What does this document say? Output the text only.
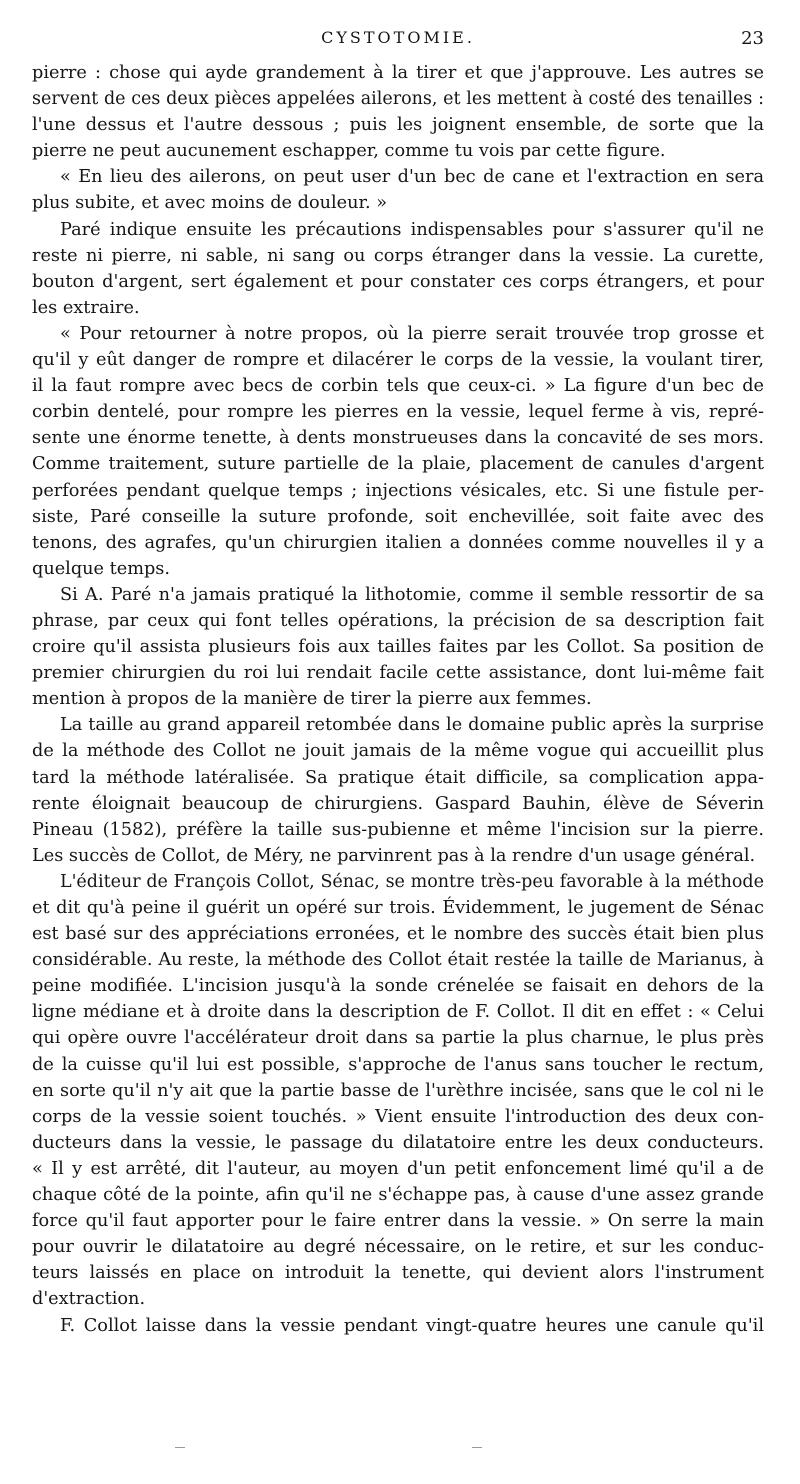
CYSTOTOMIE.	23
pierre : chose qui ayde grandement à la tirer et que j'approuve. Les autres se
servent de ces deux pièces appelées ailerons, et les mettent à costé des tenailles :
l'une dessus et l'autre dessous ; puis les joignent ensemble, de sorte que la
pierre ne peut aucunement eschapper, comme tu vois par cette figure.
« En lieu des ailerons, on peut user d'un bec de cane et l'extraction en sera
plus subite, et avec moins de douleur. »
Paré indique ensuite les précautions indispensables pour s'assurer qu'il ne
reste ni pierre, ni sable, ni sang ou corps étranger dans la vessie. La curette,
bouton d'argent, sert également et pour constater ces corps étrangers, et pour
les extraire.
« Pour retourner à notre propos, où la pierre serait trouvée trop grosse et
qu'il y eût danger de rompre et dilacérer le corps de la vessie, la voulant tirer,
il la faut rompre avec becs de corbin tels que ceux-ci. » La figure d'un bec de
corbin dentelé, pour rompre les pierres en la vessie, lequel ferme à vis, repré-
sente une énorme tenette, à dents monstrueuses dans la concavité de ses mors.
Comme traitement, suture partielle de la plaie, placement de canules d'argent
perforées pendant quelque temps ; injections vésicales, etc. Si une fistule per-
siste, Paré conseille la suture profonde, soit enchevillée, soit faite avec des
tenons, des agrafes, qu'un chirurgien italien a données comme nouvelles il y a
quelque temps.
Si A. Paré n'a jamais pratiqué la lithotomie, comme il semble ressortir de sa
phrase, par ceux qui font telles opérations, la précision de sa description fait
croire qu'il assista plusieurs fois aux tailles faites par les Collot. Sa position de
premier chirurgien du roi lui rendait facile cette assistance, dont lui-même fait
mention à propos de la manière de tirer la pierre aux femmes.
La taille au grand appareil retombée dans le domaine public après la surprise
de la méthode des Collot ne jouit jamais de la même vogue qui accueillit plus
tard la méthode latéralisée. Sa pratique était difficile, sa complication appa-
rente éloignait beaucoup de chirurgiens. Gaspard Bauhin, élève de Séverin
Pineau (1582), préfère la taille sus-pubienne et même l'incision sur la pierre.
Les succès de Collot, de Méry, ne parvinrent pas à la rendre d'un usage général.
L'éditeur de François Collot, Sénac, se montre très-peu favorable à la méthode
et dit qu'à peine il guérit un opéré sur trois. Évidemment, le jugement de Sénac
est basé sur des appréciations erronées, et le nombre des succès était bien plus
considérable. Au reste, la méthode des Collot était restée la taille de Marianus, à
peine modifiée. L'incision jusqu'à la sonde crénelée se faisait en dehors de la
ligne médiane et à droite dans la description de F. Collot. Il dit en effet : « Celui
qui opère ouvre l'accélérateur droit dans sa partie la plus charnue, le plus près
de la cuisse qu'il lui est possible, s'approche de l'anus sans toucher le rectum,
en sorte qu'il n'y ait que la partie basse de l'urèthre incisée, sans que le col ni le
corps de la vessie soient touchés. » Vient ensuite l'introduction des deux con-
ducteurs dans la vessie, le passage du dilatatoire entre les deux conducteurs.
« Il y est arrêté, dit l'auteur, au moyen d'un petit enfoncement limé qu'il a de
chaque côté de la pointe, afin qu'il ne s'échappe pas, à cause d'une assez grande
force qu'il faut apporter pour le faire entrer dans la vessie. » On serre la main
pour ouvrir le dilatatoire au degré nécessaire, on le retire, et sur les conduc-
teurs laissés en place on introduit la tenette, qui devient alors l'instrument
d'extraction.
F. Collot laisse dans la vessie pendant vingt-quatre heures une canule qu'il
